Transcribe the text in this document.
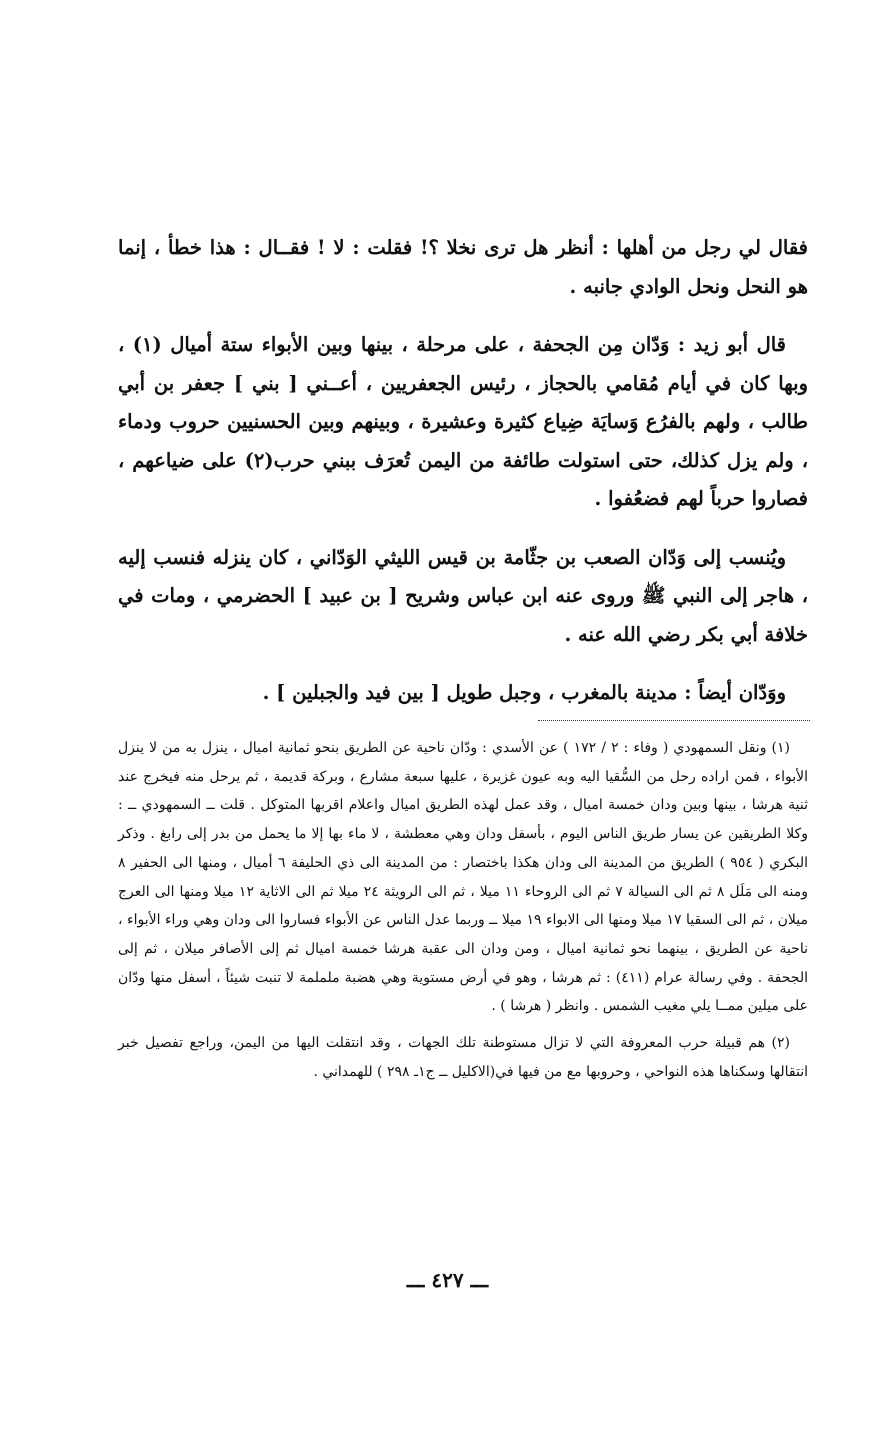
فقال لي رجل من أهلها : أنظر هل ترى نخلا ؟! فقلت : لا ! فقــال : هذا خطأ ، إنما هو النحل ونحل الوادي جانبه .

قال أبو زيد : وَدّان مِن الجحفة ، على مرحلة ، بينها وبين الأبواء ستة أميال (١) ، وبها كان في أيام مُقامي بالحجاز ، رئيس الجعفريين ، أعــني [ بني ] جعفر بن أبي طالب ، ولهم بالفرُع وَسايَة ضِياع كثيرة وعشيرة ، وبينهم وبين الحسنيين حروب ودماء ، ولم يزل كذلك، حتى استولت طائفة من اليمن تُعرَف ببني حرب(٢) على ضياعهم ، فصاروا حرباً لهم فضعُفوا .

ويُنسب إلى وَدّان الصعب بن جثّامة بن قيس الليثي الوَدّاني ، كان ينزله فنسب إليه ، هاجر إلى النبي ﷺ وروى عنه ابن عباس وشريح [ بن عبيد ] الحضرمي ، ومات في خلافة أبي بكر رضي الله عنه .

ووَدّان أيضاً : مدينة بالمغرب ، وجبل طويل [ بين فيد والجبلين ] .

(١) ونقل السمهودي ( وفاء : ٢ / ١٧٢ ) عن الأسدي : ودّان ناحية عن الطريق بنحو ثمانية اميال ، ينزل به من لا ينزل الأبواء ، فمن اراده رحل من السُّقيا اليه وبه عيون غزيرة ، عليها سبعة مشارع ، وبركة قديمة ، ثم يرحل منه فيخرج عند ثنية هرشا ، بينها وبين ودان خمسة اميال ، وقد عمل لهذه الطريق اميال واعلام اقربها المتوكل . قلت ــ السمهودي ــ : وكلا الطريقين عن يسار طريق الناس اليوم ، بأسفل ودان وهي معطشة ، لا ماء بها إلا ما يحمل من بدر إلى رابغ . وذكر البكري ( ٩٥٤ ) الطريق من المدينة الى ودان هكذا باختصار : من المدينة الى ذي الحليفة ٦ أميال ، ومنها الى الحفير ٨ ومنه الى مَلَل ٨ ثم الى السيالة ٧ ثم الى الروحاء ١١ ميلا ، ثم الى الرويثة ٢٤ ميلا ثم الى الاثاية ١٢ ميلا ومنها الى العرج ميلان ، ثم الى السقيا ١٧ ميلا ومنها الى الابواء ١٩ ميلا ــ وربما عدل الناس عن الأبواء فساروا الى ودان وهي وراء الأبواء ، ناحية عن الطريق ، بينهما نحو ثمانية اميال ، ومن ودان الى عقبة هرشا خمسة اميال ثم إلى الأصافر ميلان ، ثم إلى الجحفة . وفي رسالة عرام (٤١١) : ثم هرشا ، وهو في أرض مستوية وهي هضبة ململمة لا تنبت شيئاً ، أسفل منها ودّان على ميلين ممــا يلي مغيب الشمس . وانظر ( هرشا ) .

(٢) هم قبيلة حرب المعروفة التي لا تزال مستوطنة تلك الجهات ، وقد انتقلت اليها من اليمن، وراجع تفصيل خبر انتقالها وسكناها هذه النواحي ، وحروبها مع من فيها في(الاكليل ــ ج١ـ ٢٩٨ ) للهمداني .

ـــ ٤٢٧ ـــ
